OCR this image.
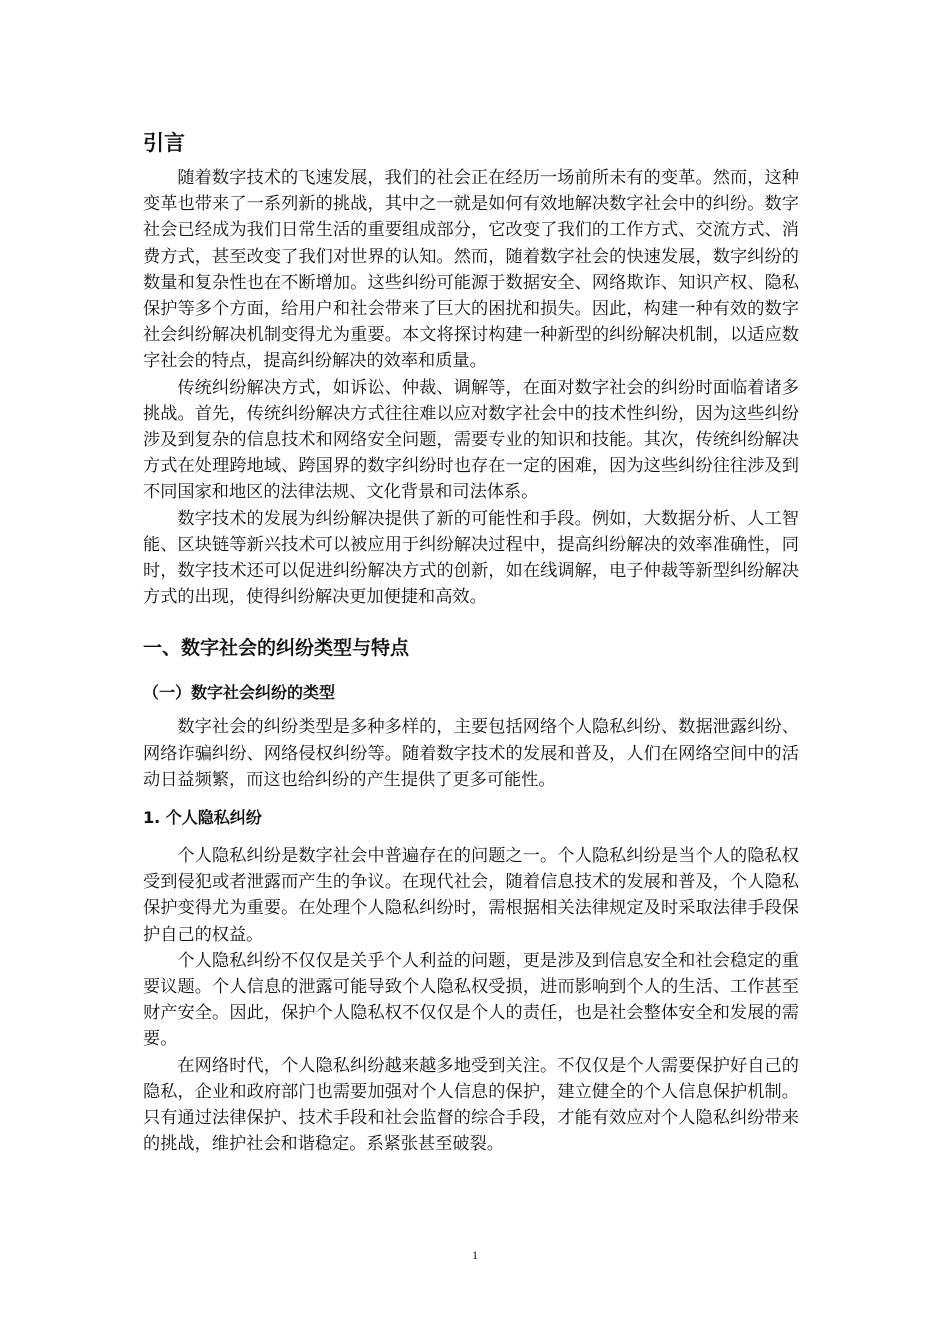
引言

随着数字技术的飞速发展，我们的社会正在经历一场前所未有的变革。然而，这种变革也带来了一系列新的挑战，其中之一就是如何有效地解决数字社会中的纠纷。数字社会已经成为我们日常生活的重要组成部分，它改变了我们的工作方式、交流方式、消费方式，甚至改变了我们对世界的认知。然而，随着数字社会的快速发展，数字纠纷的数量和复杂性也在不断增加。这些纠纷可能源于数据安全、网络欺诈、知识产权、隐私保护等多个方面，给用户和社会带来了巨大的困扰和损失。因此，构建一种有效的数字社会纠纷解决机制变得尤为重要。本文将探讨构建一种新型的纠纷解决机制，以适应数字社会的特点，提高纠纷解决的效率和质量。

传统纠纷解决方式，如诉讼、仲裁、调解等，在面对数字社会的纠纷时面临着诸多挑战。首先，传统纠纷解决方式往往难以应对数字社会中的技术性纠纷，因为这些纠纷涉及到复杂的信息技术和网络安全问题，需要专业的知识和技能。其次，传统纠纷解决方式在处理跨地域、跨国界的数字纠纷时也存在一定的困难，因为这些纠纷往往涉及到不同国家和地区的法律法规、文化背景和司法体系。

数字技术的发展为纠纷解决提供了新的可能性和手段。例如，大数据分析、人工智能、区块链等新兴技术可以被应用于纠纷解决过程中，提高纠纷解决的效率准确性，同时，数字技术还可以促进纠纷解决方式的创新，如在线调解，电子仲裁等新型纠纷解决方式的出现，使得纠纷解决更加便捷和高效。

一、数字社会的纠纷类型与特点
（一）数字社会纠纷的类型

数字社会的纠纷类型是多种多样的，主要包括网络个人隐私纠纷、数据泄露纠纷、网络诈骗纠纷、网络侵权纠纷等。随着数字技术的发展和普及，人们在网络空间中的活动日益频繁，而这也给纠纷的产生提供了更多可能性。

1. 个人隐私纠纷

个人隐私纠纷是数字社会中普遍存在的问题之一。个人隐私纠纷是当个人的隐私权受到侵犯或者泄露而产生的争议。在现代社会，随着信息技术的发展和普及，个人隐私保护变得尤为重要。在处理个人隐私纠纷时，需根据相关法律规定及时采取法律手段保护自己的权益。

个人隐私纠纷不仅仅是关乎个人利益的问题，更是涉及到信息安全和社会稳定的重要议题。个人信息的泄露可能导致个人隐私权受损，进而影响到个人的生活、工作甚至财产安全。因此，保护个人隐私权不仅仅是个人的责任，也是社会整体安全和发展的需要。

在网络时代，个人隐私纠纷越来越多地受到关注。不仅仅是个人需要保护好自己的隐私，企业和政府部门也需要加强对个人信息的保护，建立健全的个人信息保护机制。只有通过法律保护、技术手段和社会监督的综合手段，才能有效应对个人隐私纠纷带来的挑战，维护社会和谐稳定。系紧张甚至破裂。

1
